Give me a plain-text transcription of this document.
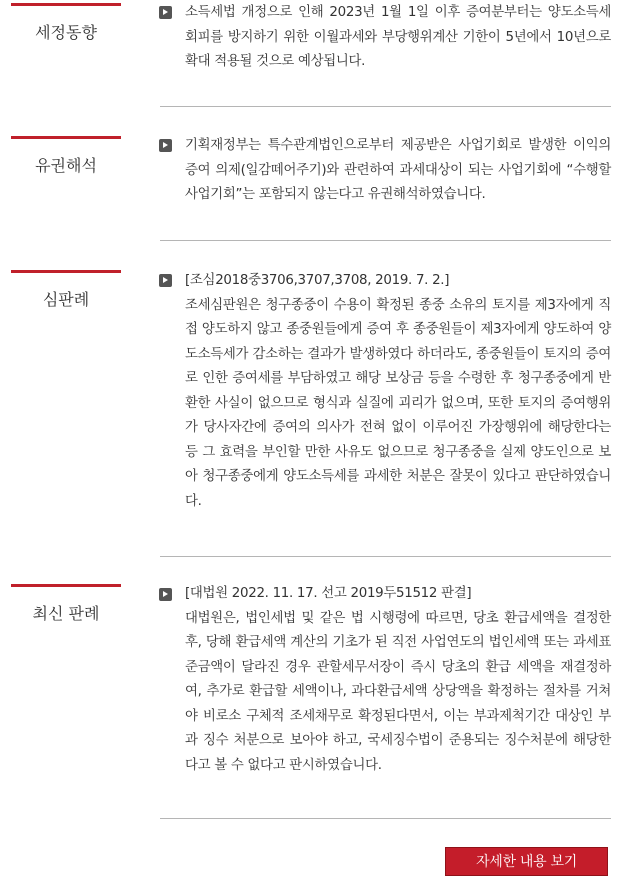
세정동향
소득세법 개정으로 인해 2023년 1월 1일 이후 증여분부터는 양도소득세 회피를 방지하기 위한 이월과세와 부당행위계산 기한이 5년에서 10년으로 확대 적용될 것으로 예상됩니다.
유권해석
기획재정부는 특수관계법인으로부터 제공받은 사업기회로 발생한 이익의 증여 의제(일감떼어주기)와 관련하여 과세대상이 되는 사업기회에 “수행할 사업기회”는 포함되지 않는다고 유권해석하였습니다.
심판례
[조심2018중3706,3707,3708, 2019. 7. 2.]
조세심판원은 청구종중이 수용이 확정된 종중 소유의 토지를 제3자에게 직접 양도하지 않고 종중원들에게 증여 후 종중원들이 제3자에게 양도하여 양도소득세가 감소하는 결과가 발생하였다 하더라도, 종중원들이 토지의 증여로 인한 증여세를 부담하였고 해당 보상금 등을 수령한 후 청구종중에게 반환한 사실이 없으므로 형식과 실질에 괴리가 없으며, 또한 토지의 증여행위가 당사자간에 증여의 의사가 전혀 없이 이루어진 가장행위에 해당한다는 등 그 효력을 부인할 만한 사유도 없으므로 청구종중을 실제 양도인으로 보아 청구종중에게 양도소득세를 과세한 처분은 잘못이 있다고 판단하였습니다.
최신 판례
[대법원 2022. 11. 17. 선고 2019두51512 판결]
대법원은, 법인세법 및 같은 법 시행령에 따르면, 당초 환급세액을 결정한 후, 당해 환급세액 계산의 기초가 된 직전 사업연도의 법인세액 또는 과세표준금액이 달라진 경우 관할세무서장이 즉시 당초의 환급 세액을 재결정하여, 추가로 환급할 세액이나, 과다환급세액 상당액을 확정하는 절차를 거쳐야 비로소 구체적 조세채무로 확정된다면서, 이는 부과제척기간 대상인 부과 징수 처분으로 보아야 하고, 국세징수법이 준용되는 징수처분에 해당한다고 볼 수 없다고 판시하였습니다.
자세한 내용 보기
